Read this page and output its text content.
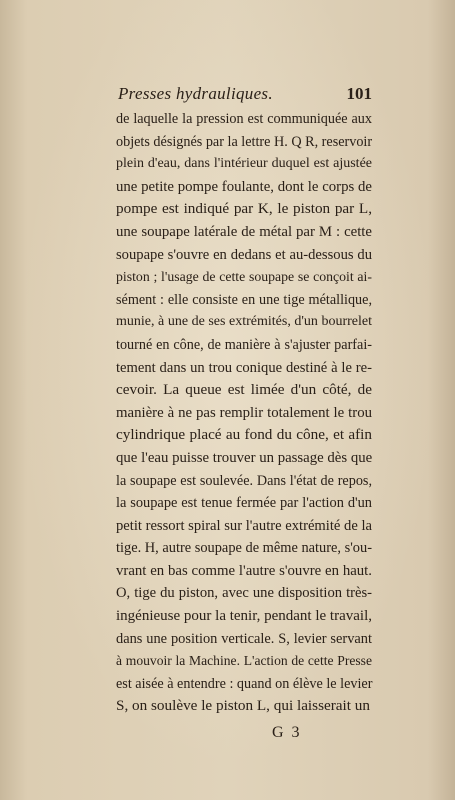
Presses hydrauliques.	101
de laquelle la pression est communiquée aux
objets désignés par la lettre H. Q R, reservoir
plein d'eau, dans l'intérieur duquel est ajustée
une petite pompe foulante, dont le corps de
pompe est indiqué par K, le piston par L,
une soupape latérale de métal par M : cette
soupape s'ouvre en dedans et au-dessous du
piston ; l'usage de cette soupape se conçoit ai-
sément : elle consiste en une tige métallique,
munie, à une de ses extrémités, d'un bourrelet
tourné en cône, de manière à s'ajuster parfai-
tement dans un trou conique destiné à le re-
cevoir. La queue est limée d'un côté, de
manière à ne pas remplir totalement le trou
cylindrique placé au fond du cône, et afin
que l'eau puisse trouver un passage dès que
la soupape est soulevée. Dans l'état de repos,
la soupape est tenue fermée par l'action d'un
petit ressort spiral sur l'autre extrémité de la
tige. H, autre soupape de même nature, s'ou-
vrant en bas comme l'autre s'ouvre en haut.
O, tige du piston, avec une disposition très-
ingénieuse pour la tenir, pendant le travail,
dans une position verticale. S, levier servant
à mouvoir la Machine. L'action de cette Presse
est aisée à entendre : quand on élève le levier
S, on soulève le piston L, qui laisserait un
G 3
